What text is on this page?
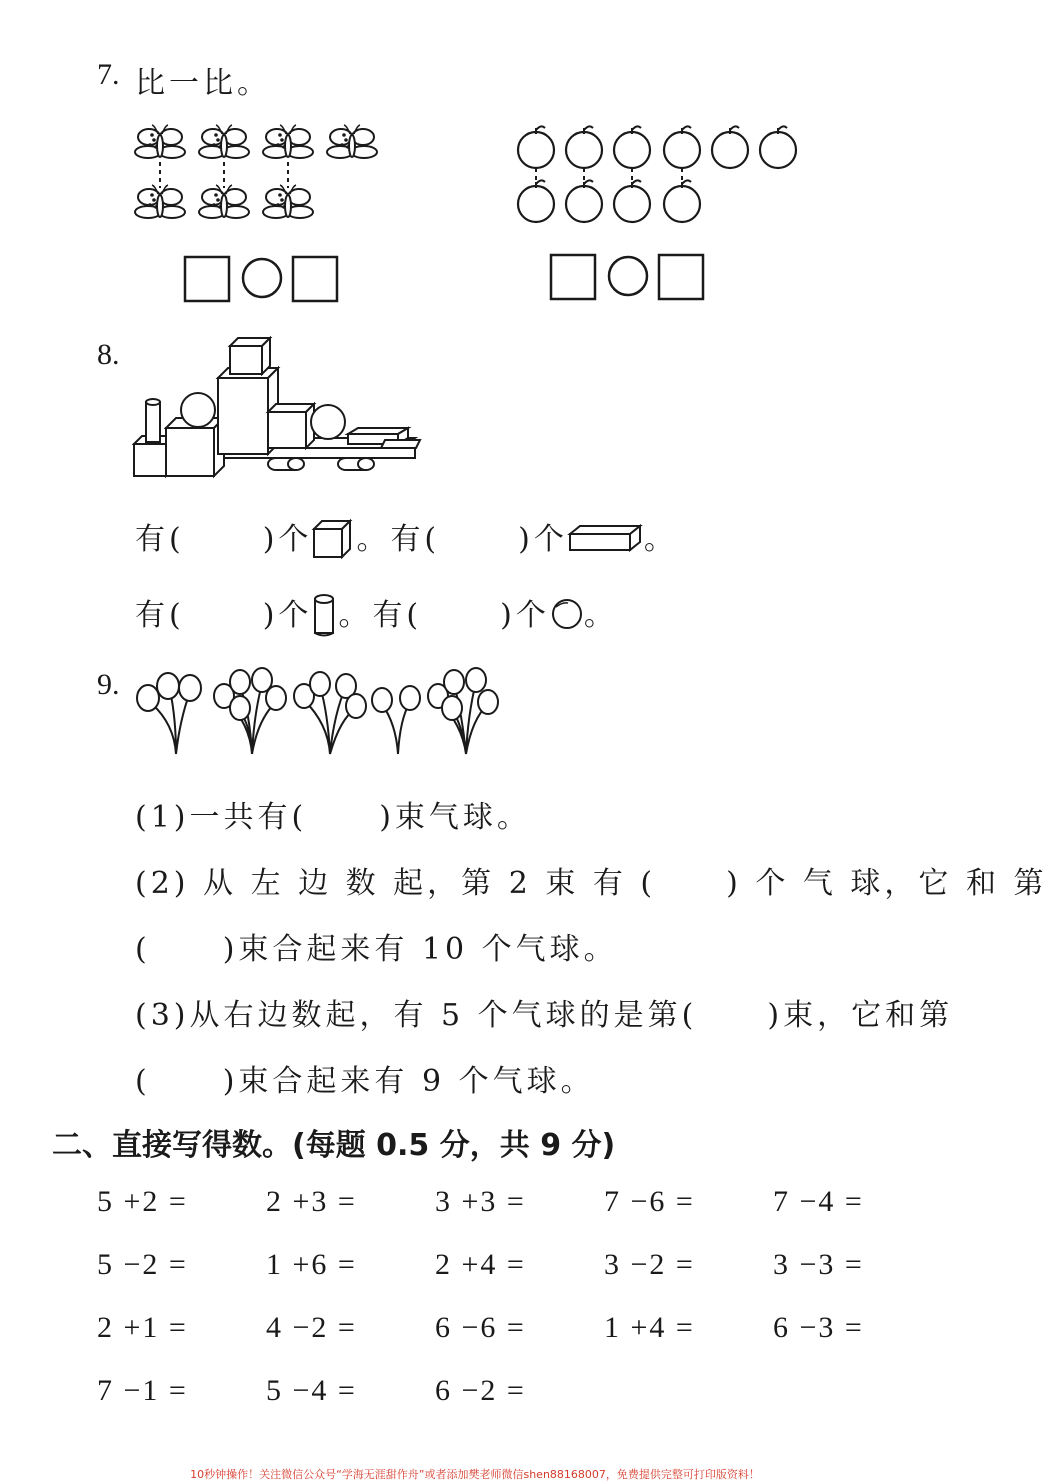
7. 比一比。
8.
有(	)个 。有(	)个	。
有(	)个 。有(	)个 。
9.
(1)一共有( )束气球。
(2) 从 左 边 数 起，第 2 束 有 ( ) 个 气 球，它 和 第
( )束合起来有 10 个气球。
(3)从右边数起，有 5 个气球的是第( )束，它和第
( )束合起来有 9 个气球。
二、直接写得数。(每题 0.5 分，共 9 分)
5 +2 =	2 +3 =	3 +3 =	7 −6 =	7 −4 =
5 −2 =	1 +6 =	2 +4 =	3 −2 =	3 −3 =
2 +1 =	4 −2 =	6 −6 =	1 +4 =	6 −3 =
7 −1 =	5 −4 =	6 −2 =
10秒钟操作！关注微信公众号“学海无涯甜作舟”或者添加樊老师微信shen88168007，免费提供完整可打印版资料！
